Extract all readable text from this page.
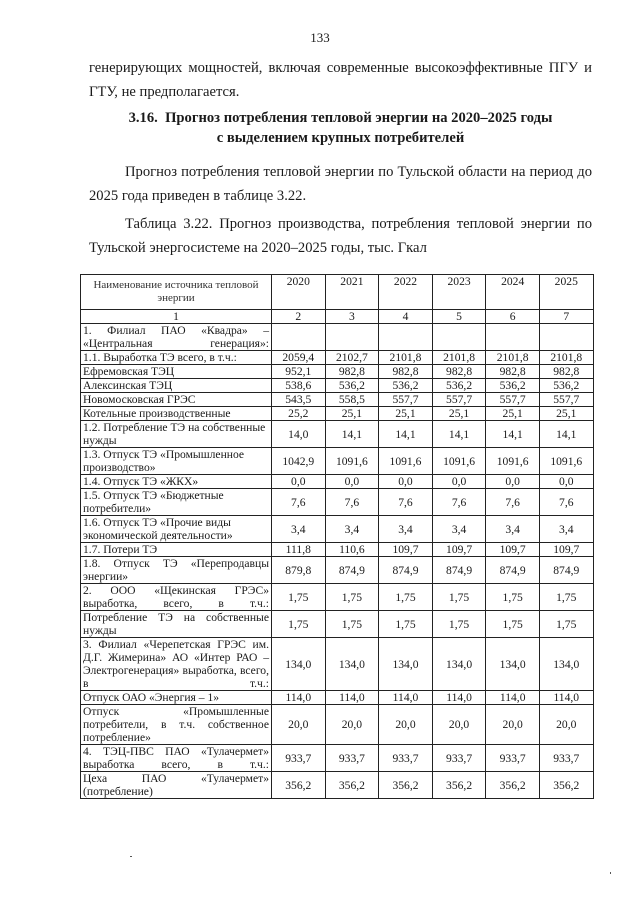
133

генерирующих мощностей, включая современные высокоэффективные ПГУ и ГТУ, не предполагается.

3.16. Прогноз потребления тепловой энергии на 2020–2025 годы
с выделением крупных потребителей

Прогноз потребления тепловой энергии по Тульской области на период до 2025 года приведен в таблице 3.22.

Таблица 3.22. Прогноз производства, потребления тепловой энергии по Тульской энергосистеме на 2020–2025 годы, тыс. Гкал

Наименование источника тепловой энергии	2020	2021	2022	2023	2024	2025
1	2	3	4	5	6	7
1. Филиал ПАО «Квадра» – «Центральная генерация»:						
1.1. Выработка ТЭ всего, в т.ч.:	2059,4	2102,7	2101,8	2101,8	2101,8	2101,8
Ефремовская ТЭЦ	952,1	982,8	982,8	982,8	982,8	982,8
Алексинская ТЭЦ	538,6	536,2	536,2	536,2	536,2	536,2
Новомосковская ГРЭС	543,5	558,5	557,7	557,7	557,7	557,7
Котельные производственные	25,2	25,1	25,1	25,1	25,1	25,1
1.2. Потребление ТЭ на собственные нужды	14,0	14,1	14,1	14,1	14,1	14,1
1.3. Отпуск ТЭ «Промышленное производство»	1042,9	1091,6	1091,6	1091,6	1091,6	1091,6
1.4. Отпуск ТЭ «ЖКХ»	0,0	0,0	0,0	0,0	0,0	0,0
1.5. Отпуск ТЭ «Бюджетные потребители»	7,6	7,6	7,6	7,6	7,6	7,6
1.6. Отпуск ТЭ «Прочие виды экономической деятельности»	3,4	3,4	3,4	3,4	3,4	3,4
1.7. Потери ТЭ	111,8	110,6	109,7	109,7	109,7	109,7
1.8. Отпуск ТЭ «Перепродавцы энергии»	879,8	874,9	874,9	874,9	874,9	874,9
2. ООО «Щекинская ГРЭС» выработка, всего, в т.ч.:	1,75	1,75	1,75	1,75	1,75	1,75
Потребление ТЭ на собственные нужды	1,75	1,75	1,75	1,75	1,75	1,75
3. Филиал «Черепетская ГРЭС им. Д.Г. Жимерина» АО «Интер РАО – Электрогенерация» выработка, всего, в т.ч.:	134,0	134,0	134,0	134,0	134,0	134,0
Отпуск ОАО «Энергия – 1»	114,0	114,0	114,0	114,0	114,0	114,0
Отпуск «Промышленные потребители, в т.ч. собственное потребление»	20,0	20,0	20,0	20,0	20,0	20,0
4. ТЭЦ-ПВС ПАО «Тулачермет» выработка всего, в т.ч.:	933,7	933,7	933,7	933,7	933,7	933,7
Цеха ПАО «Тулачермет» (потребление)	356,2	356,2	356,2	356,2	356,2	356,2
